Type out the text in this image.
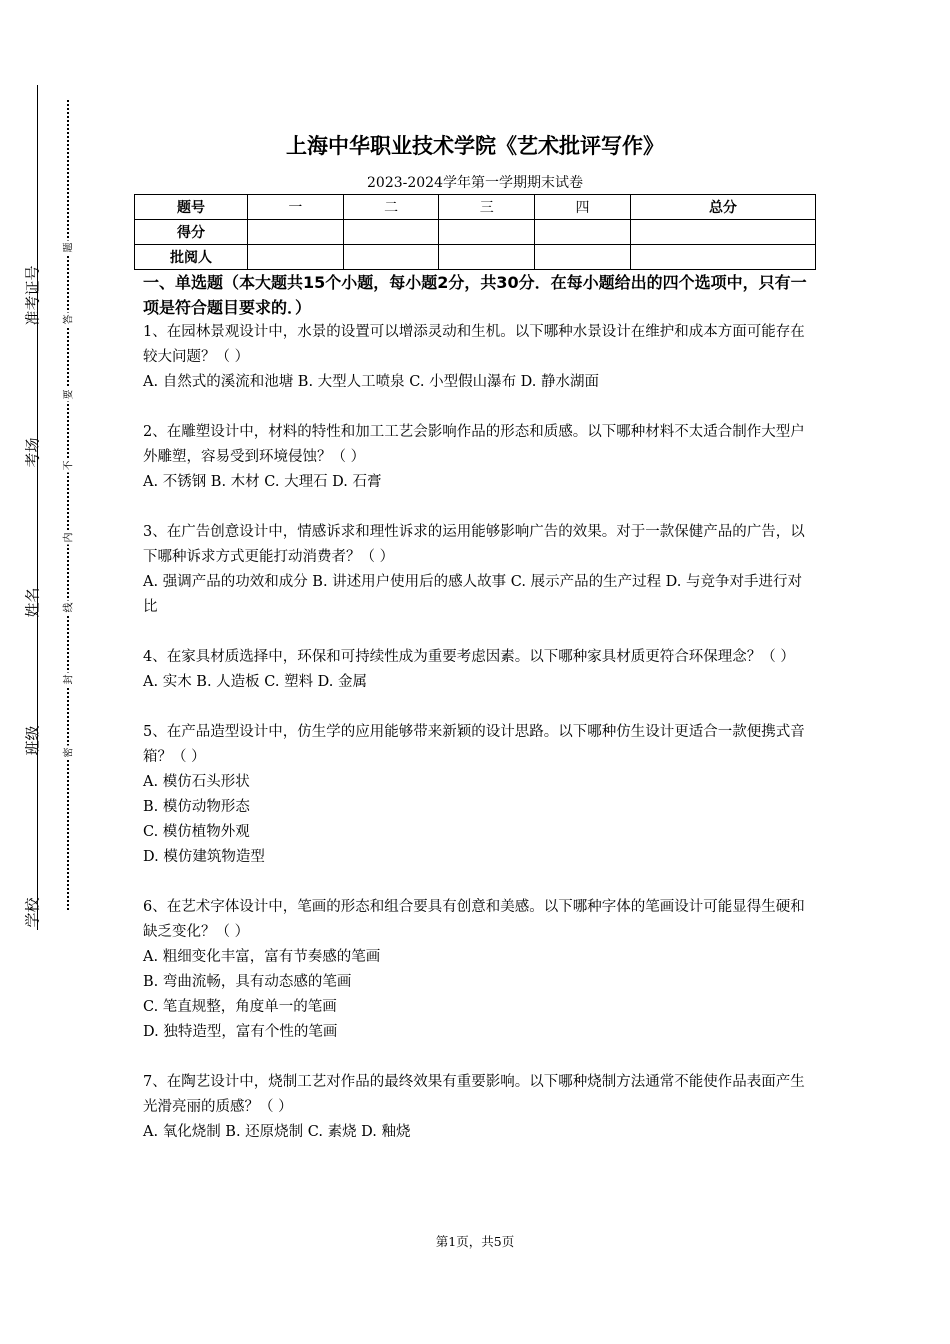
准考证号
考场
姓名
班级
学校
题
答
要
不
内
线
封
密
上海中华职业技术学院《艺术批评写作》
2023-2024学年第一学期期末试卷
题号	一	二	三	四	总分
得分					
批阅人					
一、单选题（本大题共15个小题，每小题2分，共30分．在每小题给出的四个选项中，只有一项是符合题目要求的．）

1、在园林景观设计中，水景的设置可以增添灵动和生机。以下哪种水景设计在维护和成本方面可能存在较大问题？（ ）

A. 自然式的溪流和池塘 B. 大型人工喷泉 C. 小型假山瀑布 D. 静水湖面

2、在雕塑设计中，材料的特性和加工工艺会影响作品的形态和质感。以下哪种材料不太适合制作大型户外雕塑，容易受到环境侵蚀？（ ）

A. 不锈钢 B. 木材 C. 大理石 D. 石膏

3、在广告创意设计中，情感诉求和理性诉求的运用能够影响广告的效果。对于一款保健产品的广告，以下哪种诉求方式更能打动消费者？（ ）

A. 强调产品的功效和成分 B. 讲述用户使用后的感人故事 C. 展示产品的生产过程 D. 与竞争对手进行对比

4、在家具材质选择中，环保和可持续性成为重要考虑因素。以下哪种家具材质更符合环保理念？（ ）

A. 实木 B. 人造板 C. 塑料 D. 金属

5、在产品造型设计中，仿生学的应用能够带来新颖的设计思路。以下哪种仿生设计更适合一款便携式音箱？（ ）

A. 模仿石头形状

B. 模仿动物形态

C. 模仿植物外观

D. 模仿建筑物造型

6、在艺术字体设计中，笔画的形态和组合要具有创意和美感。以下哪种字体的笔画设计可能显得生硬和缺乏变化？（ ）

A. 粗细变化丰富，富有节奏感的笔画

B. 弯曲流畅，具有动态感的笔画

C. 笔直规整，角度单一的笔画

D. 独特造型，富有个性的笔画

7、在陶艺设计中，烧制工艺对作品的最终效果有重要影响。以下哪种烧制方法通常不能使作品表面产生光滑亮丽的质感？（ ）

A. 氧化烧制 B. 还原烧制 C. 素烧 D. 釉烧

第1页，共5页
